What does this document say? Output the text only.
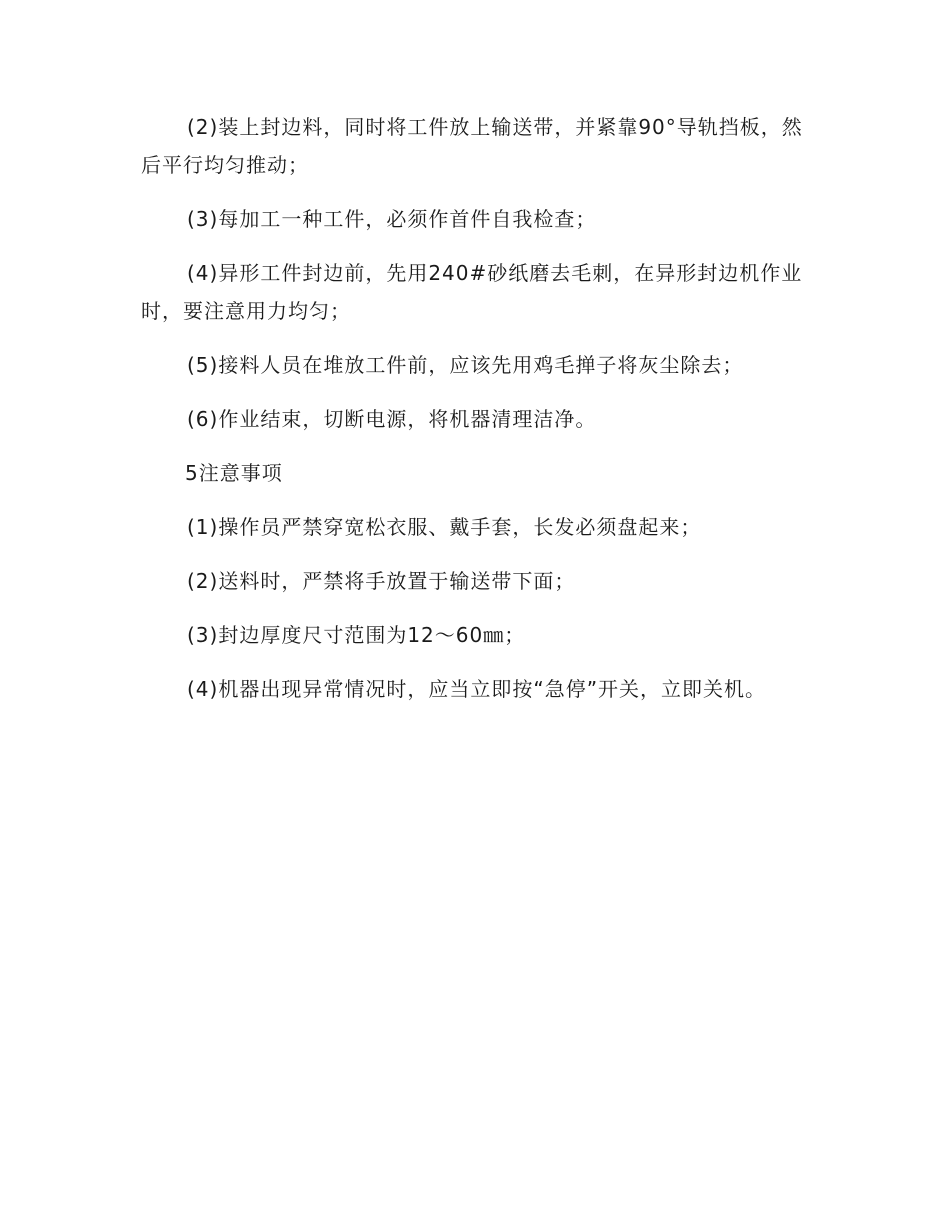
(2)装上封边料，同时将工件放上输送带，并紧靠90°导轨挡板，然后平行均匀推动；

(3)每加工一种工件，必须作首件自我检查；

(4)异形工件封边前，先用240#砂纸磨去毛刺，在异形封边机作业时，要注意用力均匀；

(5)接料人员在堆放工件前，应该先用鸡毛掸子将灰尘除去；

(6)作业结束，切断电源，将机器清理洁净。

5注意事项

(1)操作员严禁穿宽松衣服、戴手套，长发必须盘起来；

(2)送料时，严禁将手放置于输送带下面；

(3)封边厚度尺寸范围为12～60㎜；

(4)机器出现异常情况时，应当立即按“急停”开关，立即关机。
